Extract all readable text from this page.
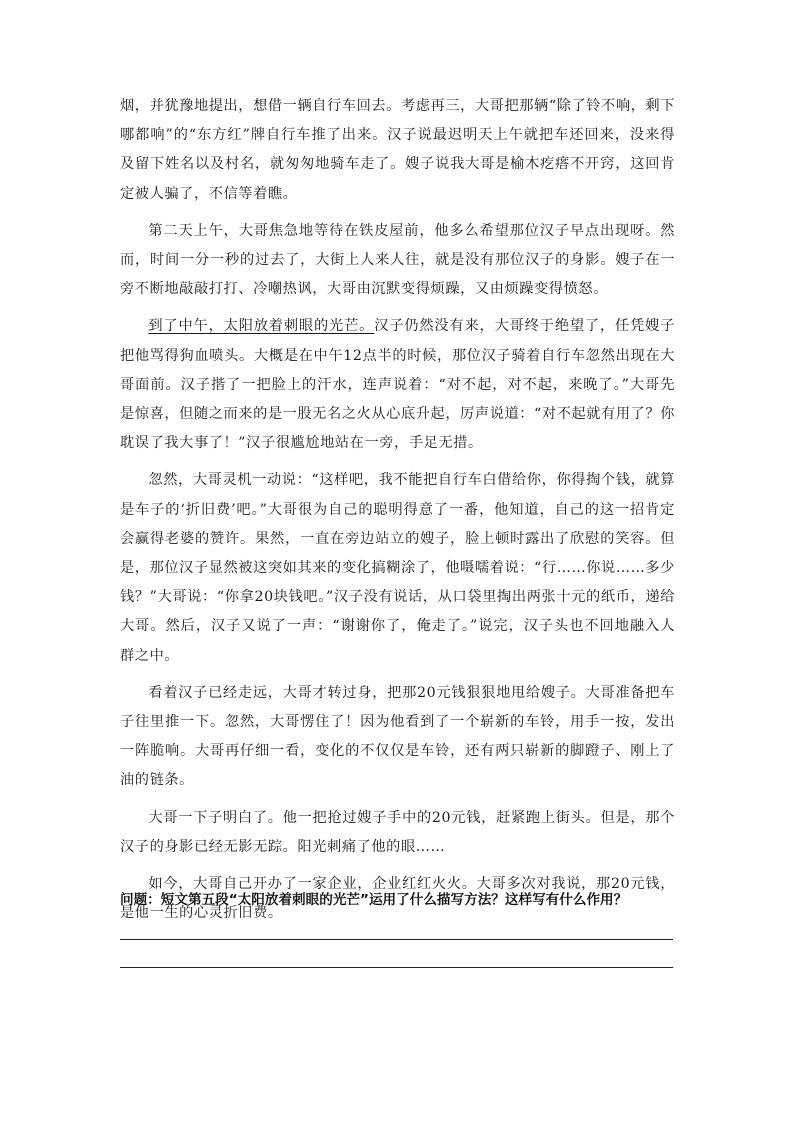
烟，并犹豫地提出，想借一辆自行车回去。考虑再三，大哥把那辆“除了铃不响，剩下哪都响”的“东方红”牌自行车推了出来。汉子说最迟明天上午就把车还回来，没来得及留下姓名以及村名，就匆匆地骑车走了。嫂子说我大哥是榆木疙瘩不开窍，这回肯定被人骗了，不信等着瞧。

第二天上午，大哥焦急地等待在铁皮屋前，他多么希望那位汉子早点出现呀。然而，时间一分一秒的过去了，大街上人来人往，就是没有那位汉子的身影。嫂子在一旁不断地敲敲打打、冷嘲热讽，大哥由沉默变得烦躁，又由烦躁变得愤怒。

到了中午，太阳放着刺眼的光芒。汉子仍然没有来，大哥终于绝望了，任凭嫂子把他骂得狗血喷头。大概是在中午12点半的时候，那位汉子骑着自行车忽然出现在大哥面前。汉子揩了一把脸上的汗水，连声说着：“对不起，对不起，来晚了。”大哥先是惊喜，但随之而来的是一股无名之火从心底升起，厉声说道：“对不起就有用了？你耽误了我大事了！”汉子很尴尬地站在一旁，手足无措。

忽然，大哥灵机一动说：“这样吧，我不能把自行车白借给你，你得掏个钱，就算是车子的‘折旧费’吧。”大哥很为自己的聪明得意了一番，他知道，自己的这一招肯定会赢得老婆的赞许。果然，一直在旁边站立的嫂子，脸上顿时露出了欣慰的笑容。但是，那位汉子显然被这突如其来的变化搞糊涂了，他嗫嚅着说：“行……你说……多少钱？”大哥说：“你拿20块钱吧。”汉子没有说话，从口袋里掏出两张十元的纸币，递给大哥。然后，汉子又说了一声：“谢谢你了，俺走了。”说完，汉子头也不回地融入人群之中。

看着汉子已经走远，大哥才转过身，把那20元钱狠狠地甩给嫂子。大哥准备把车子往里推一下。忽然，大哥愣住了！因为他看到了一个崭新的车铃，用手一按，发出一阵脆响。大哥再仔细一看，变化的不仅仅是车铃，还有两只崭新的脚蹬子、刚上了油的链条。

大哥一下子明白了。他一把抢过嫂子手中的20元钱，赶紧跑上街头。但是，那个汉子的身影已经无影无踪。阳光刺痛了他的眼……

如今，大哥自己开办了一家企业，企业红红火火。大哥多次对我说，那20元钱，是他一生的心灵折旧费。

问题：短文第五段“太阳放着刺眼的光芒”运用了什么描写方法？这样写有什么作用？
